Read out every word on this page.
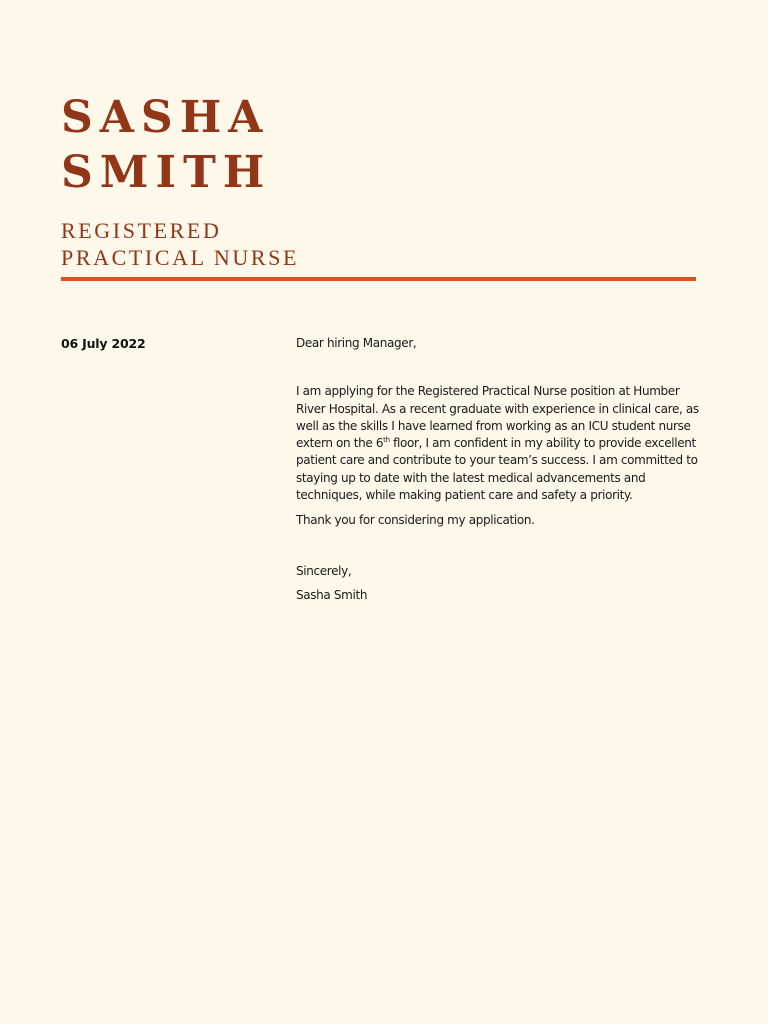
SASHA
SMITH
REGISTERED
PRACTICAL NURSE
06 July 2022	Dear hiring Manager,

I am applying for the Registered Practical Nurse position at Humber River Hospital. As a recent graduate with experience in clinical care, as well as the skills I have learned from working as an ICU student nurse extern on the 6th floor, I am confident in my ability to provide excellent patient care and contribute to your team’s success. I am committed to staying up to date with the latest medical advancements and techniques, while making patient care and safety a priority.

Thank you for considering my application.

Sincerely,

Sasha Smith
